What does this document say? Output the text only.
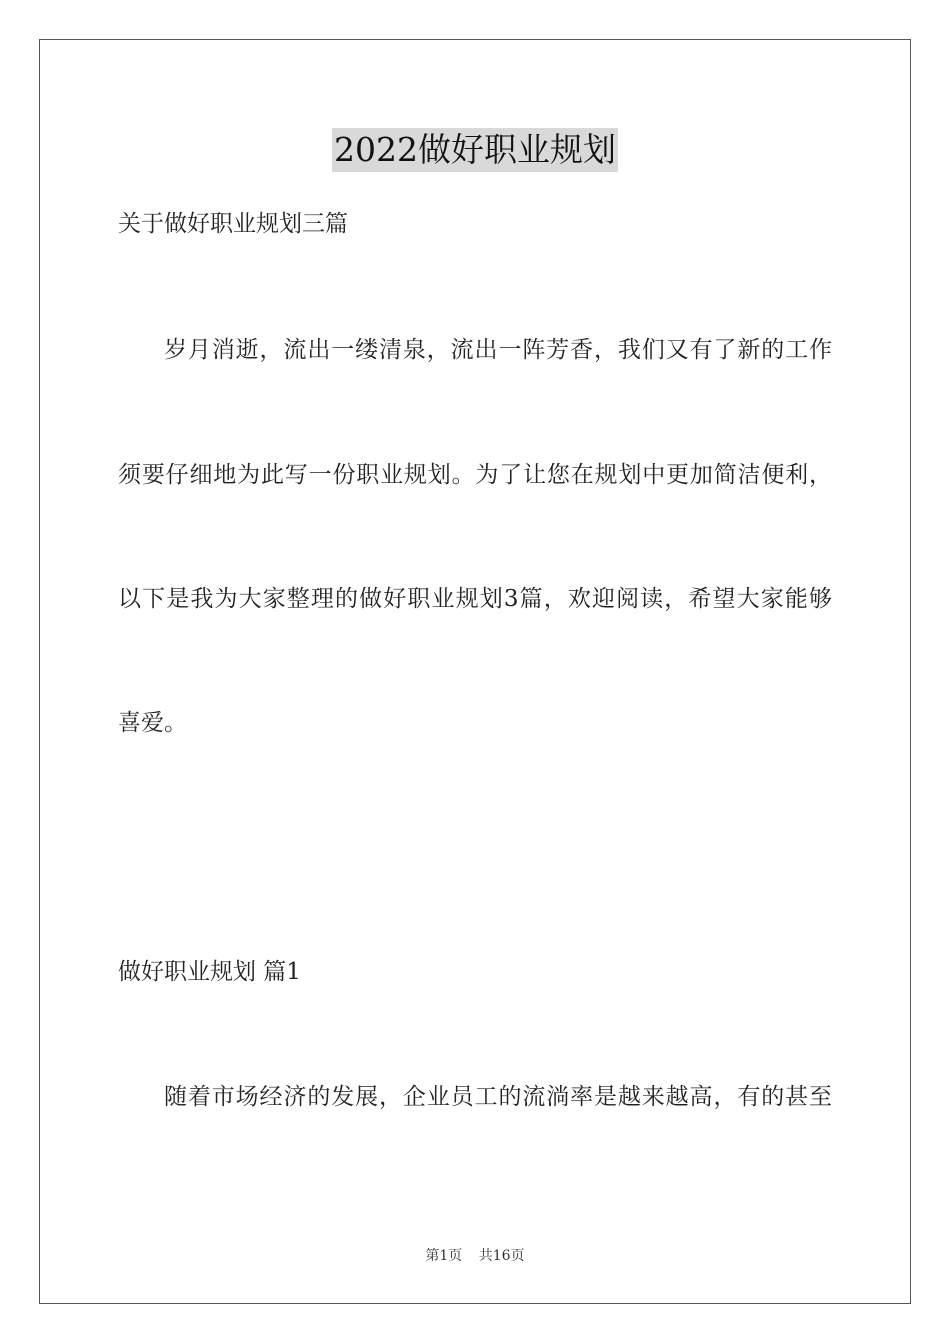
2022做好职业规划
关于做好职业规划三篇
岁月消逝，流出一缕清泉，流出一阵芳香，我们又有了新的工作
须要仔细地为此写一份职业规划。为了让您在规划中更加简洁便利，
以下是我为大家整理的做好职业规划3篇，欢迎阅读，希望大家能够
喜爱。
做好职业规划 篇1
随着市场经济的发展，企业员工的流淌率是越来越高，有的甚至
第1页 共16页
